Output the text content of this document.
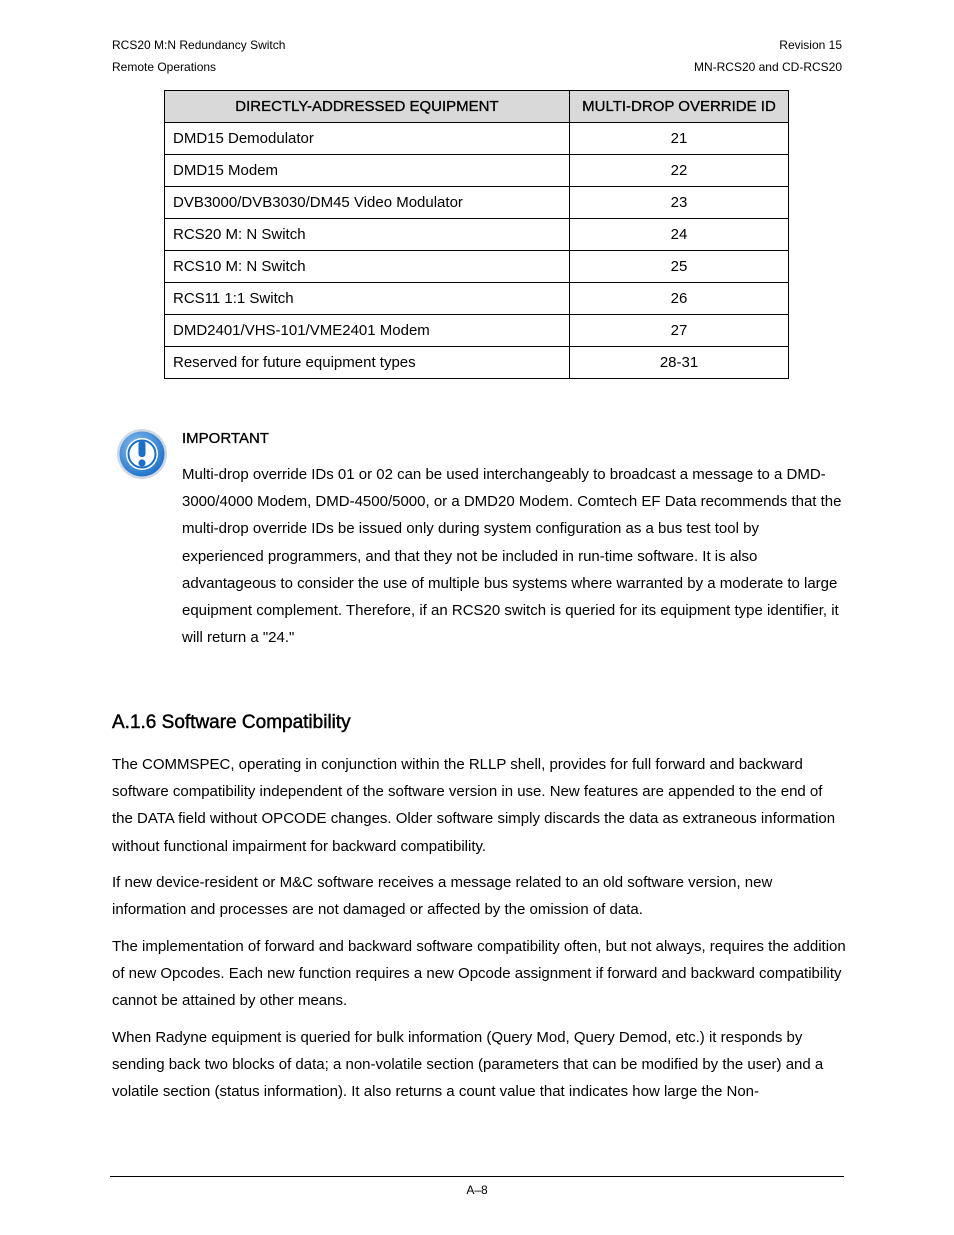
RCS20 M:N Redundancy Switch
Remote Operations
Revision 15
MN-RCS20 and CD-RCS20
DIRECTLY-ADDRESSED EQUIPMENT	MULTI-DROP OVERRIDE ID
DMD15 Demodulator	21
DMD15 Modem	22
DVB3000/DVB3030/DM45 Video Modulator	23
RCS20 M: N Switch	24
RCS10 M: N Switch	25
RCS11 1:1 Switch	26
DMD2401/VHS-101/VME2401 Modem	27
Reserved for future equipment types	28-31
IMPORTANT
Multi-drop override IDs 01 or 02 can be used interchangeably to broadcast a message to a DMD-3000/4000 Modem, DMD-4500/5000, or a DMD20 Modem. Comtech EF Data recommends that the multi-drop override IDs be issued only during system configuration as a bus test tool by experienced programmers, and that they not be included in run-time software. It is also advantageous to consider the use of multiple bus systems where warranted by a moderate to large equipment complement. Therefore, if an RCS20 switch is queried for its equipment type identifier, it will return a "24."
A.1.6 Software Compatibility

The COMMSPEC, operating in conjunction within the RLLP shell, provides for full forward and backward software compatibility independent of the software version in use. New features are appended to the end of the DATA field without OPCODE changes. Older software simply discards the data as extraneous information without functional impairment for backward compatibility.

If new device-resident or M&C software receives a message related to an old software version, new information and processes are not damaged or affected by the omission of data.

The implementation of forward and backward software compatibility often, but not always, requires the addition of new Opcodes. Each new function requires a new Opcode assignment if forward and backward compatibility cannot be attained by other means.

When Radyne equipment is queried for bulk information (Query Mod, Query Demod, etc.) it responds by sending back two blocks of data; a non-volatile section (parameters that can be modified by the user) and a volatile section (status information). It also returns a count value that indicates how large the Non-

A–8
